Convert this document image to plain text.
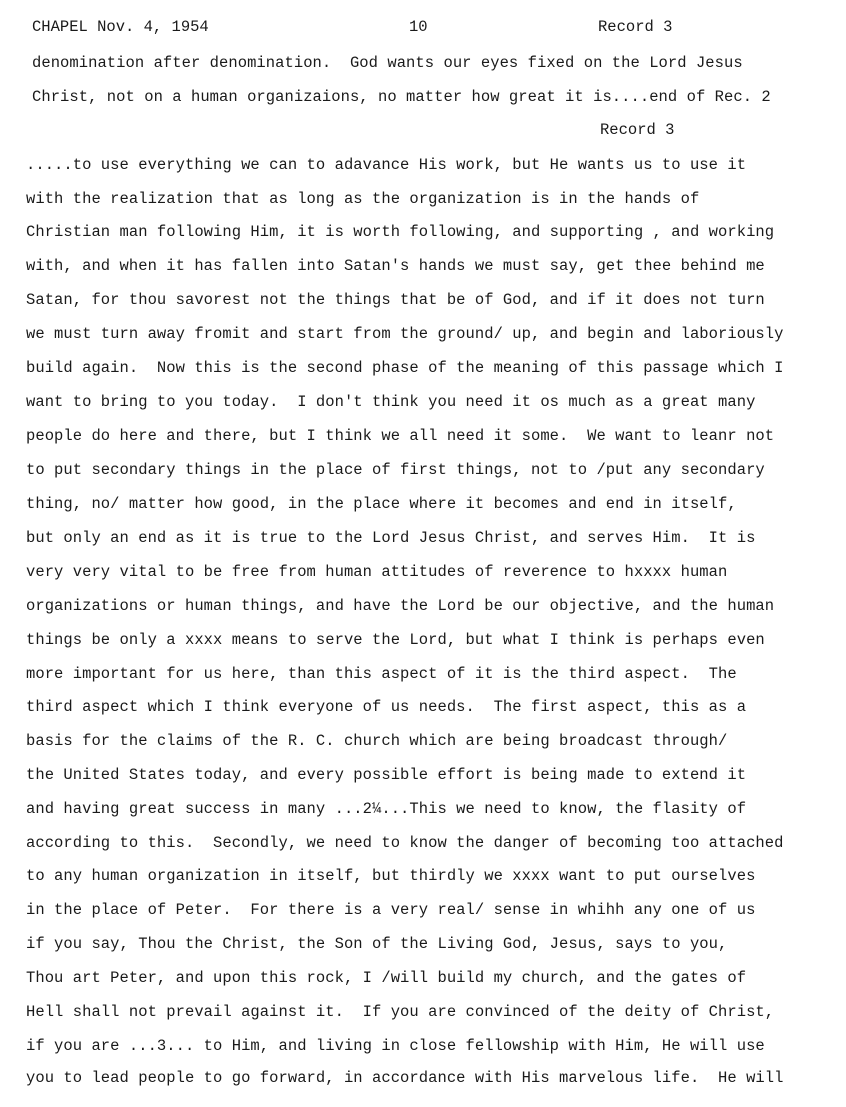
CHAPEL Nov. 4, 1954	10	Record 3
denomination after denomination.  God wants our eyes fixed on the Lord Jesus
Christ, not on a human organizaions, no matter how great it is....end of Rec. 2
Record 3
.....to use everything we can to adavance His work, but He wants us to use it
with the realization that as long as the organization is in the hands of
Christian man following Him, it is worth following, and supporting , and working
with, and when it has fallen into Satan's hands we must say, get thee behind me
Satan, for thou savorest not the things that be of God, and if it does not turn
we must turn away fromit and start from the ground/ up, and begin and laboriously
build again.  Now this is the second phase of the meaning of this passage which I
want to bring to you today.  I don't think you need it os much as a great many
people do here and there, but I think we all need it some.  We want to leanr not
to put secondary things in the place of first things, not to /put any secondary
thing, no/ matter how good, in the place where it becomes and end in itself,
but only an end as it is true to the Lord Jesus Christ, and serves Him.  It is
very very vital to be free from human attitudes of reverence to hxxxx human
organizations or human things, and have the Lord be our objective, and the human
things be only a xxxx means to serve the Lord, but what I think is perhaps even
more important for us here, than this aspect of it is the third aspect.  The
third aspect which I think everyone of us needs.  The first aspect, this as a
basis for the claims of the R. C. church which are being broadcast through/
the United States today, and every possible effort is being made to extend it
and having great success in many ...2¼...This we need to know, the flasity of
according to this.  Secondly, we need to know the danger of becoming too attached
to any human organization in itself, but thirdly we xxxx want to put ourselves
in the place of Peter.  For there is a very real/ sense in whihh any one of us
if you say, Thou the Christ, the Son of the Living God, Jesus, says to you,
Thou art Peter, and upon this rock, I /will build my church, and the gates of
Hell shall not prevail against it.  If you are convinced of the deity of Christ,
if you are ...3... to Him, and living in close fellowship with Him, He will use
you to lead people to go forward, in accordance with His marvelous life.  He will
